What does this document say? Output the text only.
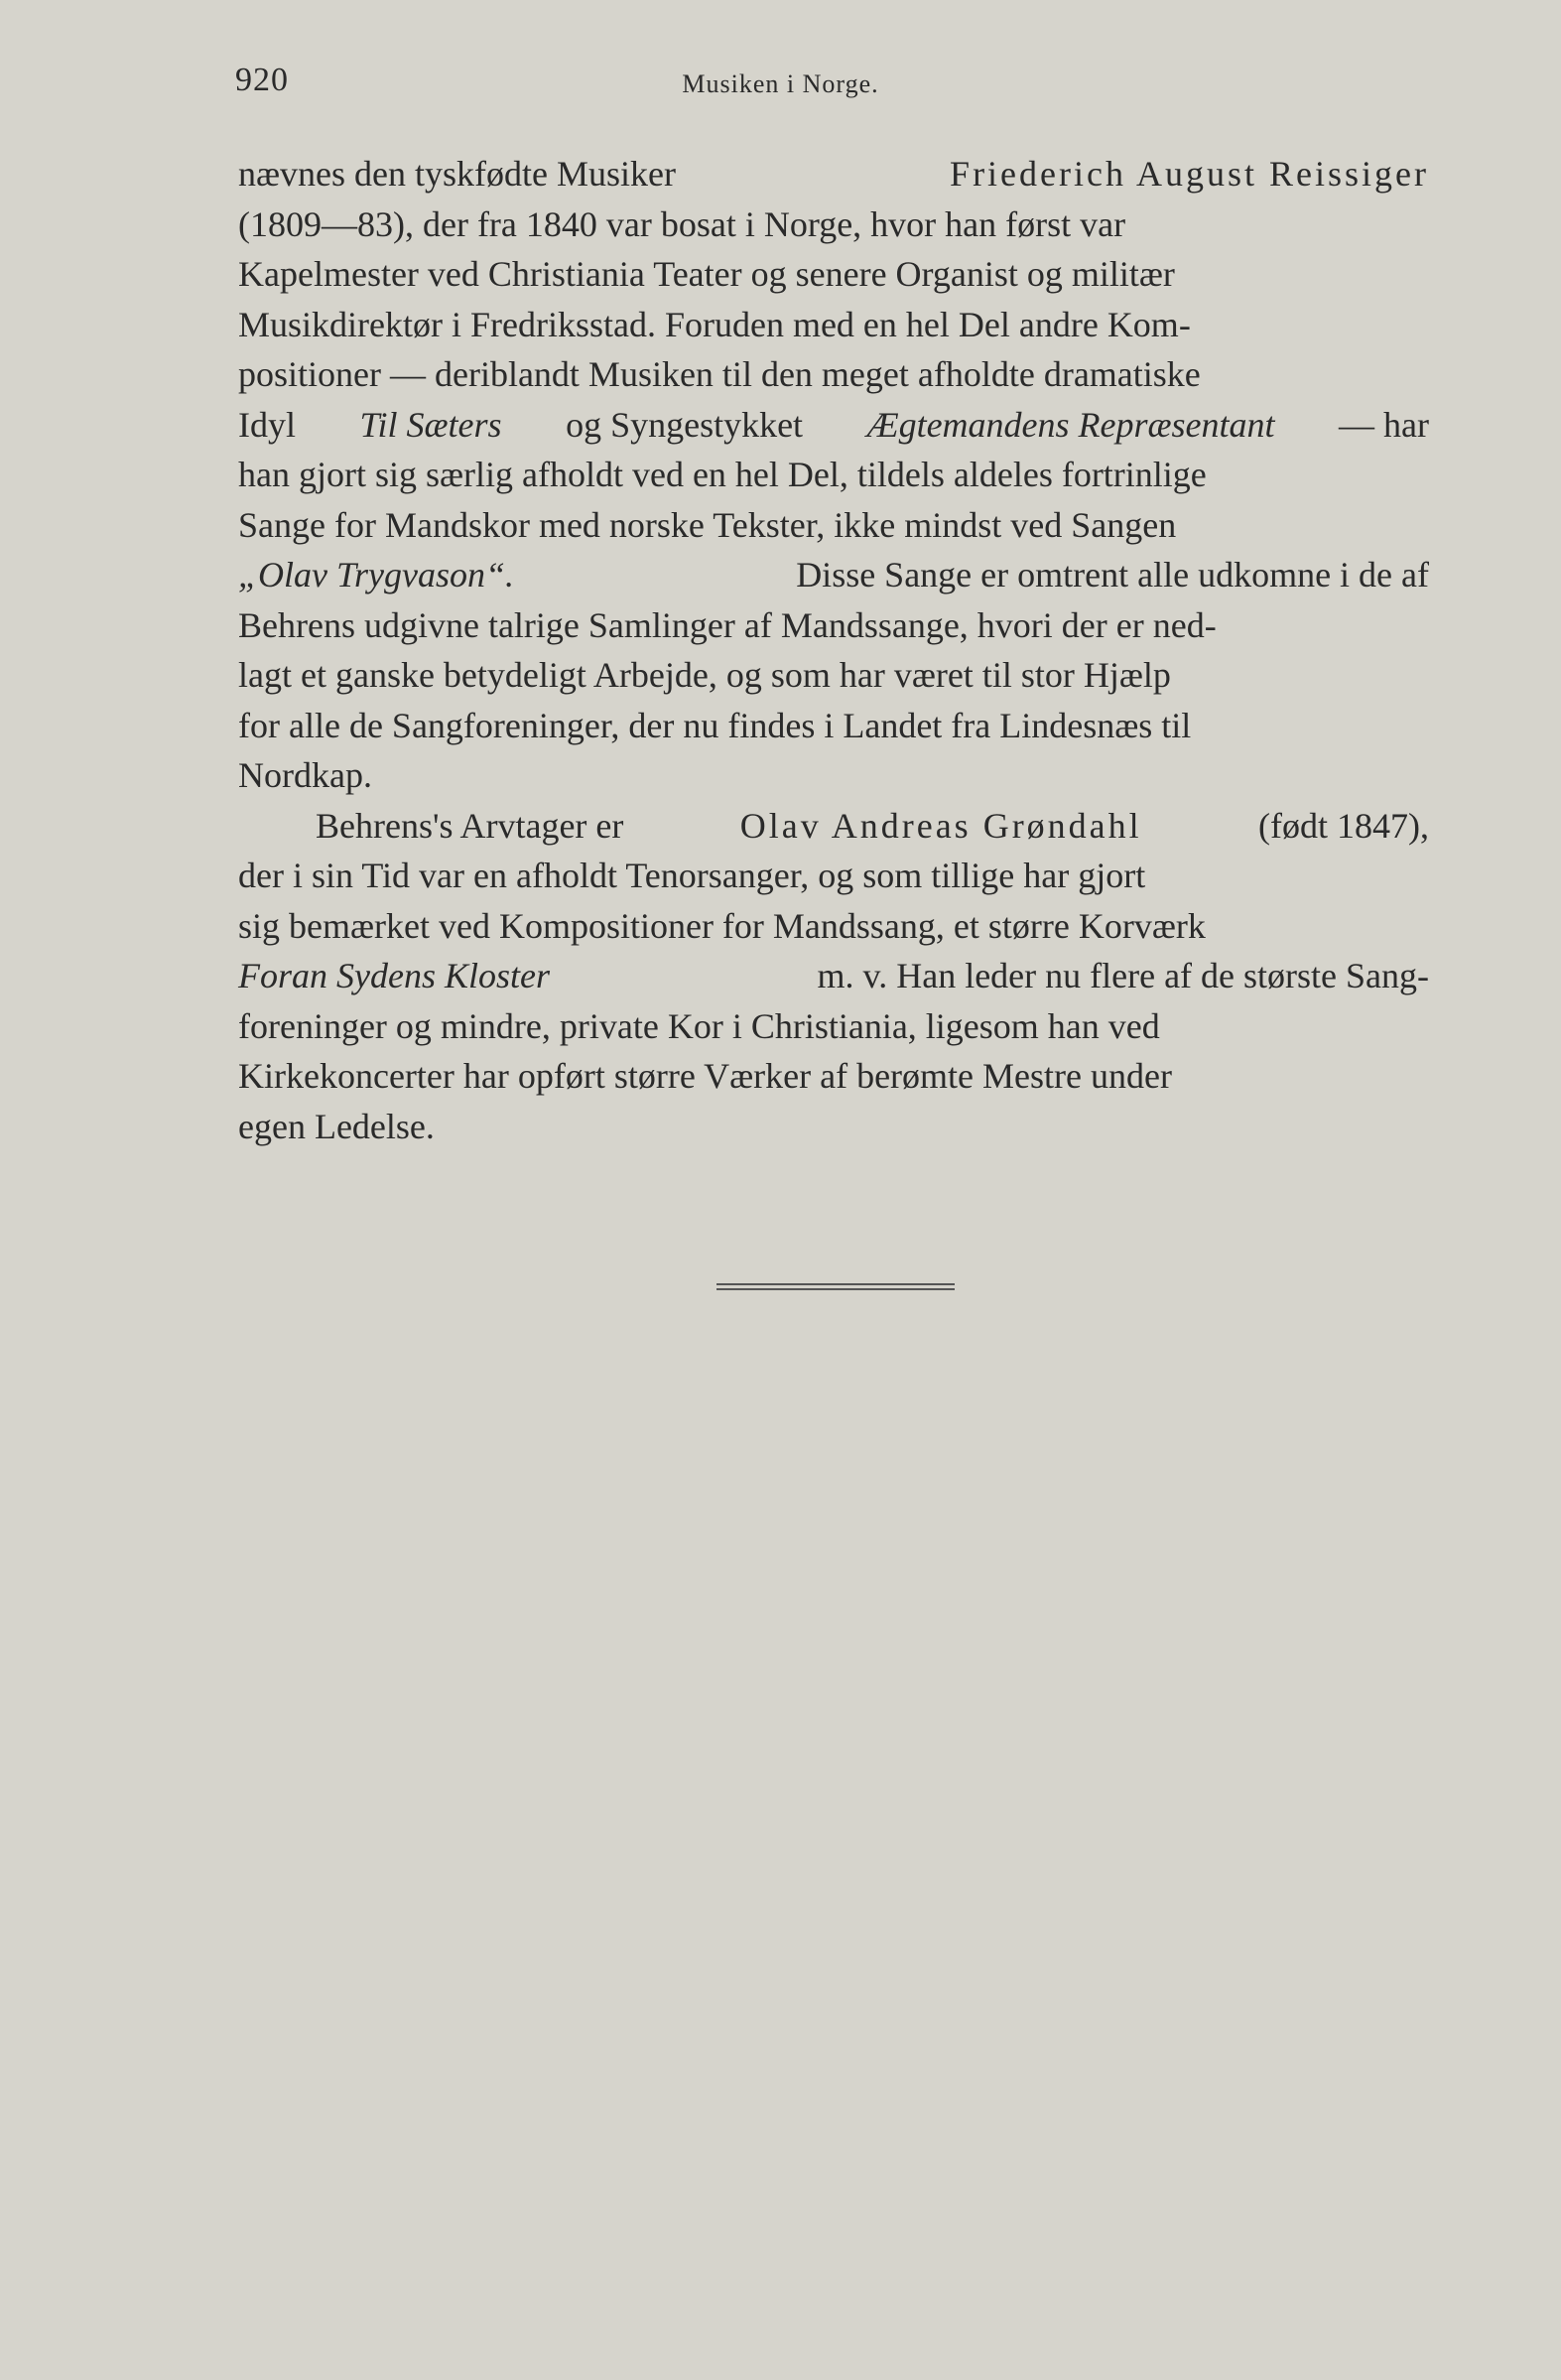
920	Musiken i Norge.
nævnes den tyskfødte Musiker	Friederich August Reissiger
(1809—83), der fra 1840 var bosat i Norge, hvor han først var
Kapelmester ved Christiania Teater og senere Organist og militær
Musikdirektør i Fredriksstad. Foruden med en hel Del andre Kom-
positioner — deriblandt Musiken til den meget afholdte dramatiske
Idyl Til Sæters og Syngestykket Ægtemandens Repræsentant — har
han gjort sig særlig afholdt ved en hel Del, tildels aldeles fortrinlige
Sange for Mandskor med norske Tekster, ikke mindst ved Sangen
„Olav Trygvason“.	Disse Sange er omtrent alle udkomne i de af
Behrens udgivne talrige Samlinger af Mandssange, hvori der er ned-
lagt et ganske betydeligt Arbejde, og som har været til stor Hjælp
for alle de Sangforeninger, der nu findes i Landet fra Lindesnæs til
Nordkap.
Behrens's Arvtager er	Olav Andreas Grøndahl	(født 1847),
der i sin Tid var en afholdt Tenorsanger, og som tillige har gjort
sig bemærket ved Kompositioner for Mandssang, et større Korværk
Foran Sydens Kloster	m. v. Han leder nu flere af de største Sang-
foreninger og mindre, private Kor i Christiania, ligesom han ved
Kirkekoncerter har opført større Værker af berømte Mestre under
egen Ledelse.
